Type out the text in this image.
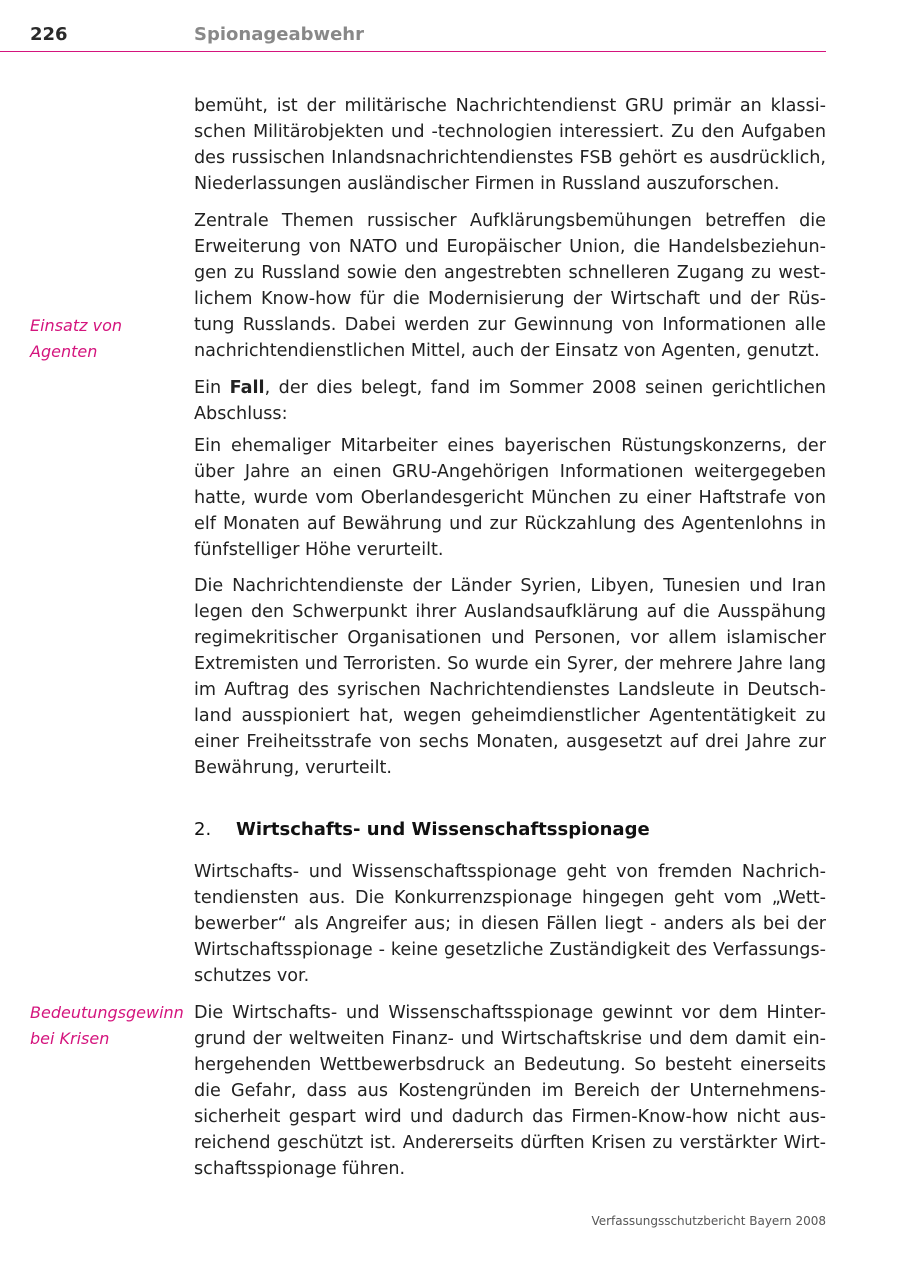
226	Spionageabwehr
Einsatz von
Agenten
Bedeutungsgewinn
bei Krisen
bemüht, ist der militärische Nachrichtendienst GRU primär an klassi-
schen Militärobjekten und -technologien interessiert. Zu den Aufgaben
des russischen Inlandsnachrichtendienstes FSB gehört es ausdrücklich,
Niederlassungen ausländischer Firmen in Russland auszuforschen.
Zentrale Themen russischer Aufklärungsbemühungen betreffen die
Erweiterung von NATO und Europäischer Union, die Handelsbeziehun-
gen zu Russland sowie den angestrebten schnelleren Zugang zu west-
lichem Know-how für die Modernisierung der Wirtschaft und der Rüs-
tung Russlands. Dabei werden zur Gewinnung von Informationen alle
nachrichtendienstlichen Mittel, auch der Einsatz von Agenten, genutzt.
Ein Fall, der dies belegt, fand im Sommer 2008 seinen gerichtlichen
Abschluss:
Ein ehemaliger Mitarbeiter eines bayerischen Rüstungskonzerns, der
über Jahre an einen GRU-Angehörigen Informationen weitergegeben
hatte, wurde vom Oberlandesgericht München zu einer Haftstrafe von
elf Monaten auf Bewährung und zur Rückzahlung des Agentenlohns in
fünfstelliger Höhe verurteilt.
Die Nachrichtendienste der Länder Syrien, Libyen, Tunesien und Iran
legen den Schwerpunkt ihrer Auslandsaufklärung auf die Ausspähung
regimekritischer Organisationen und Personen, vor allem islamischer
Extremisten und Terroristen. So wurde ein Syrer, der mehrere Jahre lang
im Auftrag des syrischen Nachrichtendienstes Landsleute in Deutsch-
land ausspioniert hat, wegen geheimdienstlicher Agententätigkeit zu
einer Freiheitsstrafe von sechs Monaten, ausgesetzt auf drei Jahre zur
Bewährung, verurteilt.
2. Wirtschafts- und Wissenschaftsspionage
Wirtschafts- und Wissenschaftsspionage geht von fremden Nachrich-
tendiensten aus. Die Konkurrenzspionage hingegen geht vom „Wett-
bewerber“ als Angreifer aus; in diesen Fällen liegt - anders als bei der
Wirtschaftsspionage - keine gesetzliche Zuständigkeit des Verfassungs-
schutzes vor.
Die Wirtschafts- und Wissenschaftsspionage gewinnt vor dem Hinter-
grund der weltweiten Finanz- und Wirtschaftskrise und dem damit ein-
hergehenden Wettbewerbsdruck an Bedeutung. So besteht einerseits
die Gefahr, dass aus Kostengründen im Bereich der Unternehmens-
sicherheit gespart wird und dadurch das Firmen-Know-how nicht aus-
reichend geschützt ist. Andererseits dürften Krisen zu verstärkter Wirt-
schaftsspionage führen.
Verfassungsschutzbericht Bayern 2008
